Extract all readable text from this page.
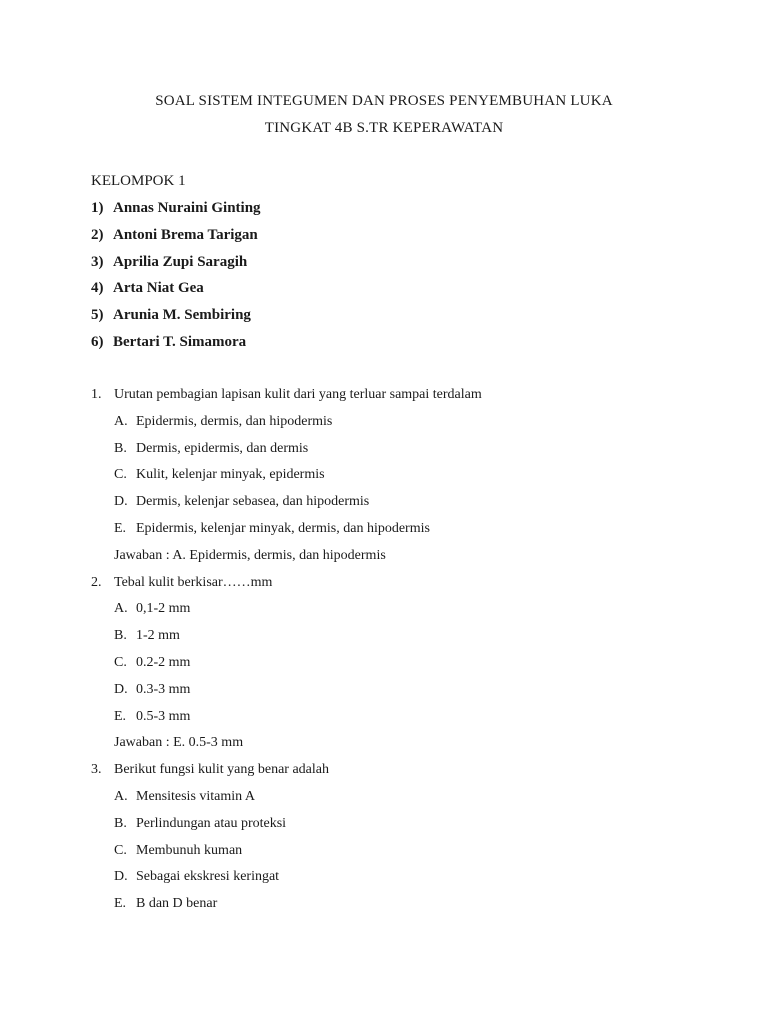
SOAL SISTEM INTEGUMEN DAN PROSES PENYEMBUHAN LUKA
TINGKAT 4B S.TR KEPERAWATAN
KELOMPOK 1
1) Annas Nuraini Ginting
2) Antoni Brema Tarigan
3) Aprilia Zupi Saragih
4) Arta Niat Gea
5) Arunia M. Sembiring
6) Bertari T. Simamora
1. Urutan pembagian lapisan kulit dari yang terluar sampai terdalam
A. Epidermis, dermis, dan hipodermis
B. Dermis, epidermis, dan dermis
C. Kulit, kelenjar minyak, epidermis
D. Dermis, kelenjar sebasea, dan hipodermis
E. Epidermis, kelenjar minyak, dermis, dan hipodermis
Jawaban : A. Epidermis, dermis, dan hipodermis
2. Tebal kulit berkisar……mm
A. 0,1-2 mm
B. 1-2 mm
C. 0.2-2 mm
D. 0.3-3 mm
E. 0.5-3 mm
Jawaban : E. 0.5-3 mm
3. Berikut fungsi kulit yang benar adalah
A. Mensitesis vitamin A
B. Perlindungan atau proteksi
C. Membunuh kuman
D. Sebagai ekskresi keringat
E. B dan D benar
